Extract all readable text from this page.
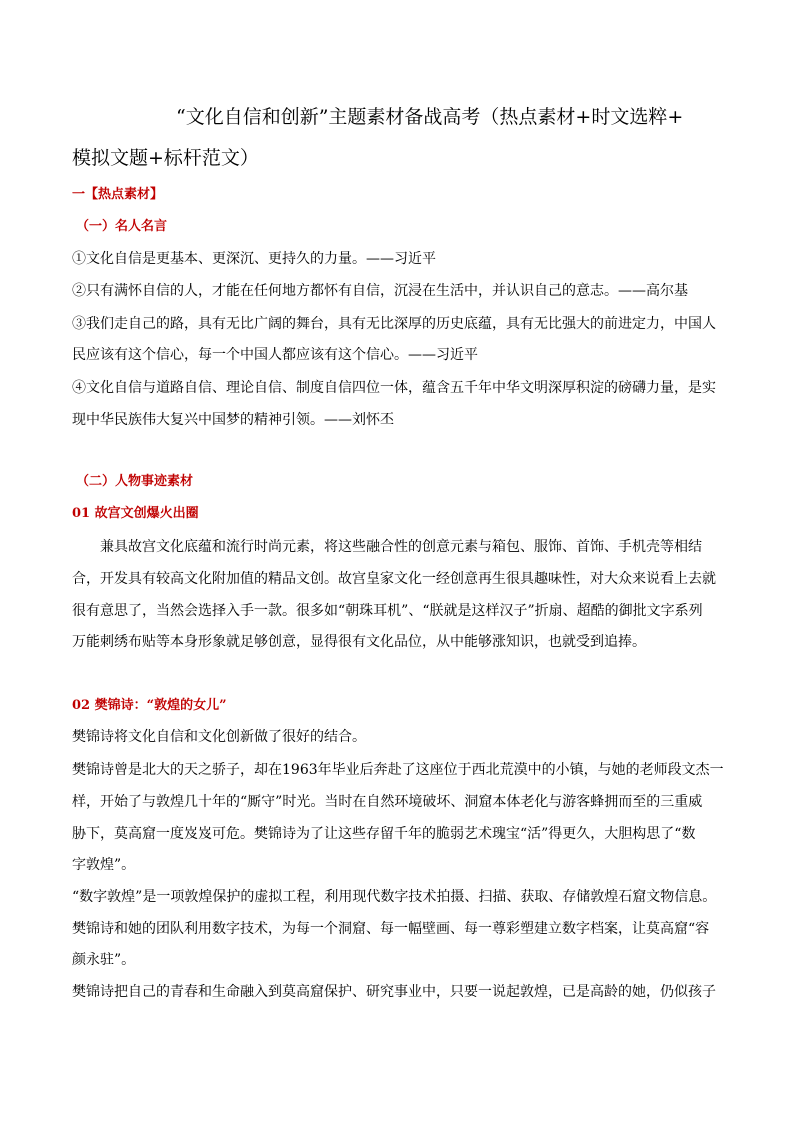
“文化自信和创新”主题素材备战高考（热点素材+时文选粹+
模拟文题+标杆范文）
一【热点素材】
（一）名人名言
①文化自信是更基本、更深沉、更持久的力量。——习近平
②只有满怀自信的人，才能在任何地方都怀有自信，沉浸在生活中，并认识自己的意志。——高尔基
③我们走自己的路，具有无比广阔的舞台，具有无比深厚的历史底蕴，具有无比强大的前进定力，中国人
民应该有这个信心，每一个中国人都应该有这个信心。——习近平
④文化自信与道路自信、理论自信、制度自信四位一体，蕴含五千年中华文明深厚积淀的磅礴力量，是实
现中华民族伟大复兴中国梦的精神引领。——刘怀丕
（二）人物事迹素材
01 故宫文创爆火出圈
兼具故宫文化底蕴和流行时尚元素，将这些融合性的创意元素与箱包、服饰、首饰、手机壳等相结
合，开发具有较高文化附加值的精品文创。故宫皇家文化一经创意再生很具趣味性，对大众来说看上去就
很有意思了，当然会选择入手一款。很多如“朝珠耳机”、“朕就是这样汉子”折扇、超酷的御批文字系列
万能刺绣布贴等本身形象就足够创意，显得很有文化品位，从中能够涨知识，也就受到追捧。
02 樊锦诗：“敦煌的女儿”
樊锦诗将文化自信和文化创新做了很好的结合。
樊锦诗曾是北大的天之骄子，却在1963年毕业后奔赴了这座位于西北荒漠中的小镇，与她的老师段文杰一
样，开始了与敦煌几十年的“厮守”时光。当时在自然环境破坏、洞窟本体老化与游客蜂拥而至的三重威
胁下，莫高窟一度岌岌可危。樊锦诗为了让这些存留千年的脆弱艺术瑰宝“活”得更久，大胆构思了“数
字敦煌”。
“数字敦煌”是一项敦煌保护的虚拟工程，利用现代数字技术拍摄、扫描、获取、存储敦煌石窟文物信息。
樊锦诗和她的团队利用数字技术，为每一个洞窟、每一幅壁画、每一尊彩塑建立数字档案，让莫高窟“容
颜永驻”。
樊锦诗把自己的青春和生命融入到莫高窟保护、研究事业中，只要一说起敦煌，已是高龄的她，仍似孩子
